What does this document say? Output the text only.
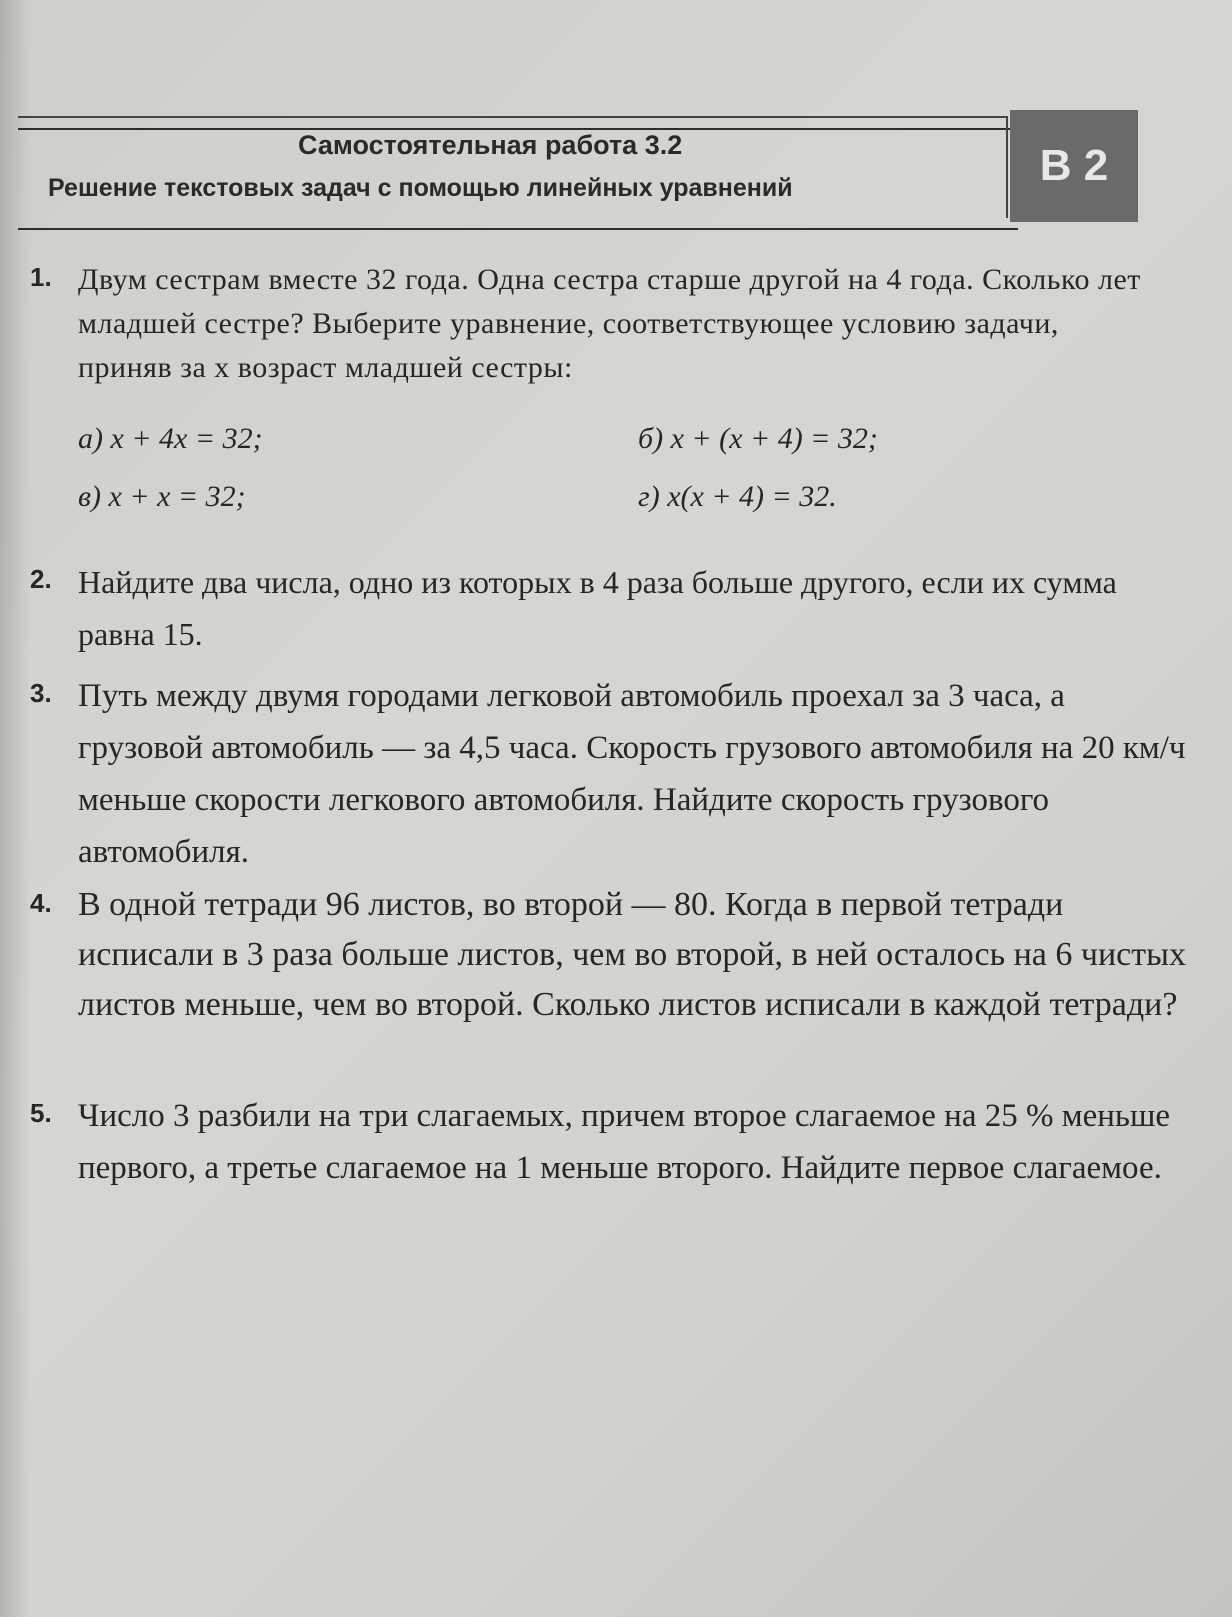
Самостоятельная работа 3.2
Решение текстовых задач с помощью линейных уравнений	В 2
1. Двум сестрам вместе 32 года. Одна сестра старше другой на 4 года. Сколько лет младшей сестре? Выберите уравнение, соответствующее условию задачи, приняв за x возраст младшей сестры:
а) x + 4x = 32;	б) x + (x + 4) = 32;
в) x + x = 32;	г) x(x + 4) = 32.
2. Найдите два числа, одно из которых в 4 раза больше другого, если их сумма равна 15.
3. Путь между двумя городами легковой автомобиль проехал за 3 часа, а грузовой автомобиль — за 4,5 часа. Скорость грузового автомобиля на 20 км/ч меньше скорости легкового автомобиля. Найдите скорость грузового автомобиля.
4. В одной тетради 96 листов, во второй — 80. Когда в первой тетради исписали в 3 раза больше листов, чем во второй, в ней осталось на 6 чистых листов меньше, чем во второй. Сколько листов исписали в каждой тетради?
5. Число 3 разбили на три слагаемых, причем второе слагаемое на 25 % меньше первого, а третье слагаемое на 1 меньше второго. Найдите первое слагаемое.
